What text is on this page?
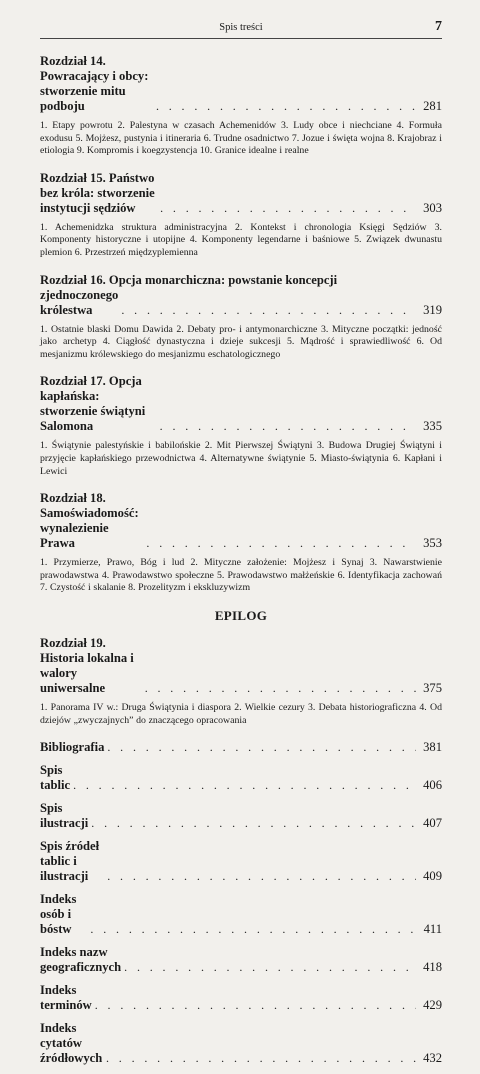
Spis treści	7
Rozdział 14. Powracający i obcy: stworzenie mitu podboju . . .	281
1. Etapy powrotu 2. Palestyna w czasach Achemenidów 3. Ludy obce i niechciane 4. Formuła exodusu 5. Mojżesz, pustynia i itineraria 6. Trudne osadnictwo 7. Jozue i święta wojna 8. Krajobraz i etiologia 9. Kompromis i koegzystencja 10. Granice idealne i realne
Rozdział 15. Państwo bez króla: stworzenie instytucji sędziów . . .	303
1. Achemenidzka struktura administracyjna 2. Kontekst i chronologia Księgi Sędziów 3. Komponenty historyczne i utopijne 4. Komponenty legendarne i baśniowe 5. Związek dwunastu plemion 6. Przestrzeń międzyplemienna
Rozdział 16. Opcja monarchiczna: powstanie koncepcji
zjednoczonego królestwa . . .	319
1. Ostatnie blaski Domu Dawida 2. Debaty pro- i antymonarchiczne 3. Mityczne początki: jedność jako archetyp 4. Ciągłość dynastyczna i dzieje sukcesji 5. Mądrość i sprawiedliwość 6. Od mesjanizmu królewskiego do mesjanizmu eschatologicznego
Rozdział 17. Opcja kapłańska: stworzenie świątyni Salomona . . .	335
1. Świątynie palestyńskie i babilońskie 2. Mit Pierwszej Świątyni 3. Budowa Drugiej Świątyni i przyjęcie kapłańskiego przewodnictwa 4. Alternatywne świątynie 5. Miasto-świątynia 6. Kapłani i Lewici
Rozdział 18. Samoświadomość: wynalezienie Prawa . . .	353
1. Przymierze, Prawo, Bóg i lud 2. Mityczne założenie: Mojżesz i Synaj 3. Nawarstwienie prawodawstwa 4. Prawodawstwo społeczne 5. Prawodawstwo małżeńskie 6. Identyfikacja zachowań 7. Czystość i skalanie 8. Prozelityzm i ekskluzywizm
EPILOG
Rozdział 19. Historia lokalna i walory uniwersalne . . .	375
1. Panorama IV w.: Druga Świątynia i diaspora 2. Wielkie cezury 3. Debata historiograficzna 4. Od dziejów „zwyczajnych” do znaczącego opracowania
Bibliografia . . .	381
Spis tablic . . .	406
Spis ilustracji . . .	407
Spis źródeł tablic i ilustracji . . .	409
Indeks osób i bóstw . . .	411
Indeks nazw geograficznych . . .	418
Indeks terminów . . .	429
Indeks cytatów źródłowych . . .	432
